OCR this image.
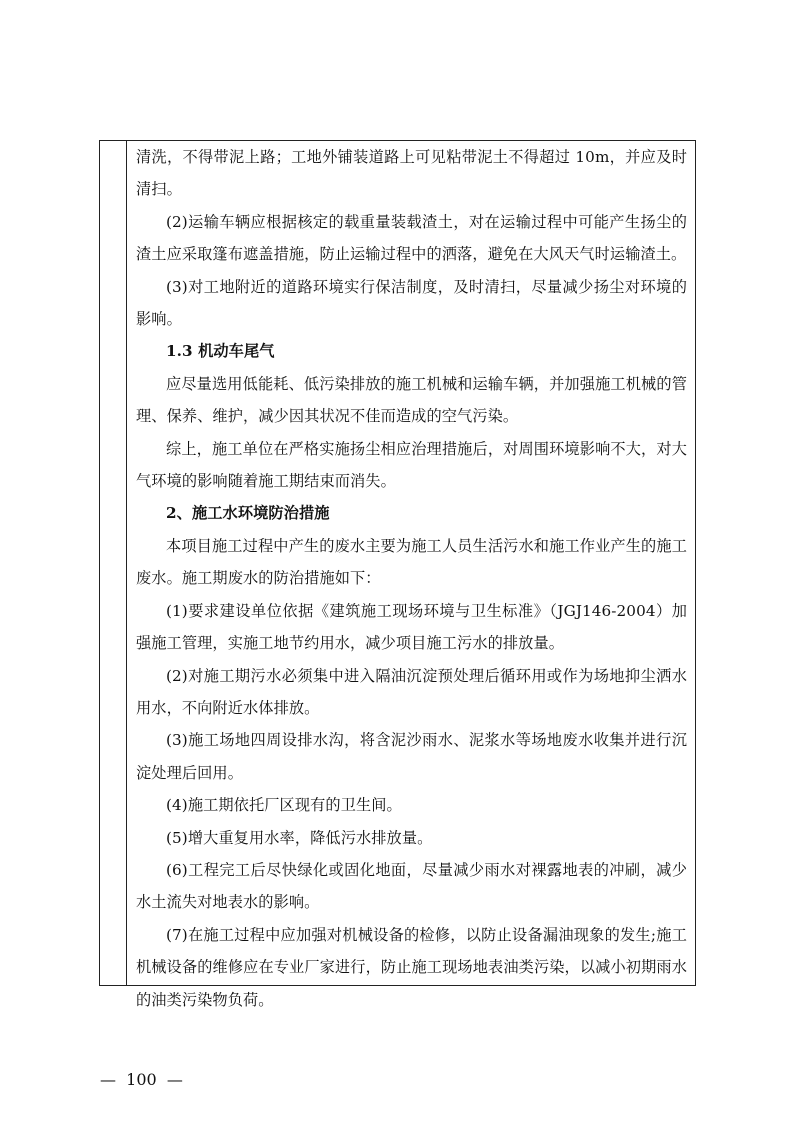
清洗，不得带泥上路；工地外铺装道路上可见粘带泥土不得超过 10m，并应及时清扫。

(2)运输车辆应根据核定的载重量装载渣土，对在运输过程中可能产生扬尘的渣土应采取篷布遮盖措施，防止运输过程中的洒落，避免在大风天气时运输渣土。

(3)对工地附近的道路环境实行保洁制度，及时清扫，尽量减少扬尘对环境的影响。

1.3 机动车尾气

应尽量选用低能耗、低污染排放的施工机械和运输车辆，并加强施工机械的管理、保养、维护，减少因其状况不佳而造成的空气污染。

综上，施工单位在严格实施扬尘相应治理措施后，对周围环境影响不大，对大气环境的影响随着施工期结束而消失。

2、施工水环境防治措施

本项目施工过程中产生的废水主要为施工人员生活污水和施工作业产生的施工废水。施工期废水的防治措施如下：

(1)要求建设单位依据《建筑施工现场环境与卫生标准》（JGJ146-2004）加强施工管理，实施工地节约用水，减少项目施工污水的排放量。

(2)对施工期污水必须集中进入隔油沉淀预处理后循环用或作为场地抑尘洒水用水，不向附近水体排放。

(3)施工场地四周设排水沟，将含泥沙雨水、泥浆水等场地废水收集并进行沉淀处理后回用。

(4)施工期依托厂区现有的卫生间。

(5)增大重复用水率，降低污水排放量。

(6)工程完工后尽快绿化或固化地面，尽量减少雨水对裸露地表的冲刷，减少水土流失对地表水的影响。

(7)在施工过程中应加强对机械设备的检修，以防止设备漏油现象的发生;施工机械设备的维修应在专业厂家进行，防止施工现场地表油类污染，以减小初期雨水的油类污染物负荷。

—  100  —
